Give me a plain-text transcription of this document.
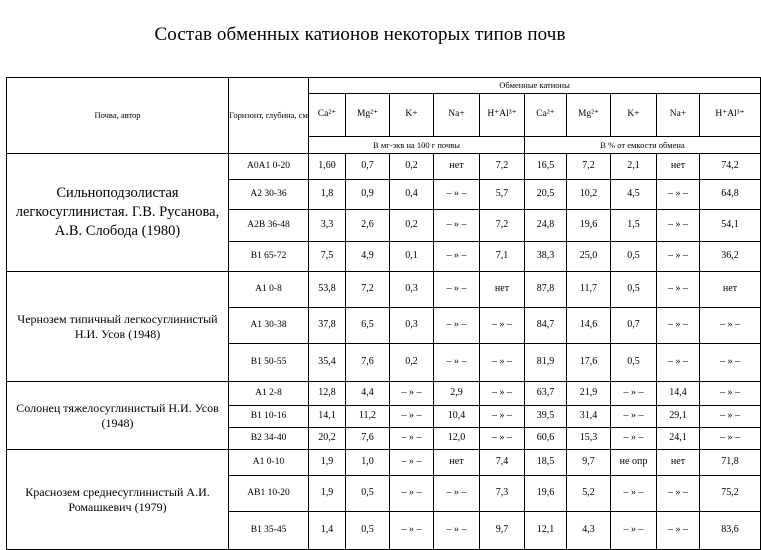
Состав обменных катионов некоторых типов почв
Почва, автор	Горизонт, глубина, см	Обменные катионы									
		Ca²⁺	Mg²⁺	K+	Na+	H⁺Al³⁺	Ca²⁺	Mg²⁺	K+	Na+	H⁺Al³⁺
		В мг-экв на 100 г почвы					В % от емкости обмена				
Сильноподзолистая легкосуглинистая. Г.В. Русанова, А.В. Слобода (1980)	A0A1 0-20	1,60	0,7	0,2	нет	7,2	16,5	7,2	2,1	нет	74,2
	A2 30-36	1,8	0,9	0,4	– » –	5,7	20,5	10,2	4,5	– » –	64,8
	A2B 36-48	3,3	2,6	0,2	– » –	7,2	24,8	19,6	1,5	– » –	54,1
	B1 65-72	7,5	4,9	0,1	– » –	7,1	38,3	25,0	0,5	– » –	36,2
Чернозем типичный легкосуглинистый Н.И. Усов (1948)	A1 0-8	53,8	7,2	0,3	– » –	нет	87,8	11,7	0,5	– » –	нет
	A1 30-38	37,8	6,5	0,3	– » –	– » –	84,7	14,6	0,7	– » –	– » –
	B1 50-55	35,4	7,6	0,2	– » –	– » –	81,9	17,6	0,5	– » –	– » –
Солонец тяжелосуглинистый Н.И. Усов (1948)	A1 2-8	12,8	4,4	– » –	2,9	– » –	63,7	21,9	– » –	14,4	– » –
	B1 10-16	14,1	11,2	– » –	10,4	– » –	39,5	31,4	– » –	29,1	– » –
	B2 34-40	20,2	7,6	– » –	12,0	– » –	60,6	15,3	– » –	24,1	– » –
Краснозем среднесуглинистый А.И. Ромашкевич (1979)	A1 0-10	1,9	1,0	– » –	нет	7,4	18,5	9,7	не опр	нет	71,8
	AB1 10-20	1,9	0,5	– » –	– » –	7,3	19,6	5,2	– » –	– » –	75,2
	B1 35-45	1,4	0,5	– » –	– » –	9,7	12,1	4,3	– » –	– » –	83,6
